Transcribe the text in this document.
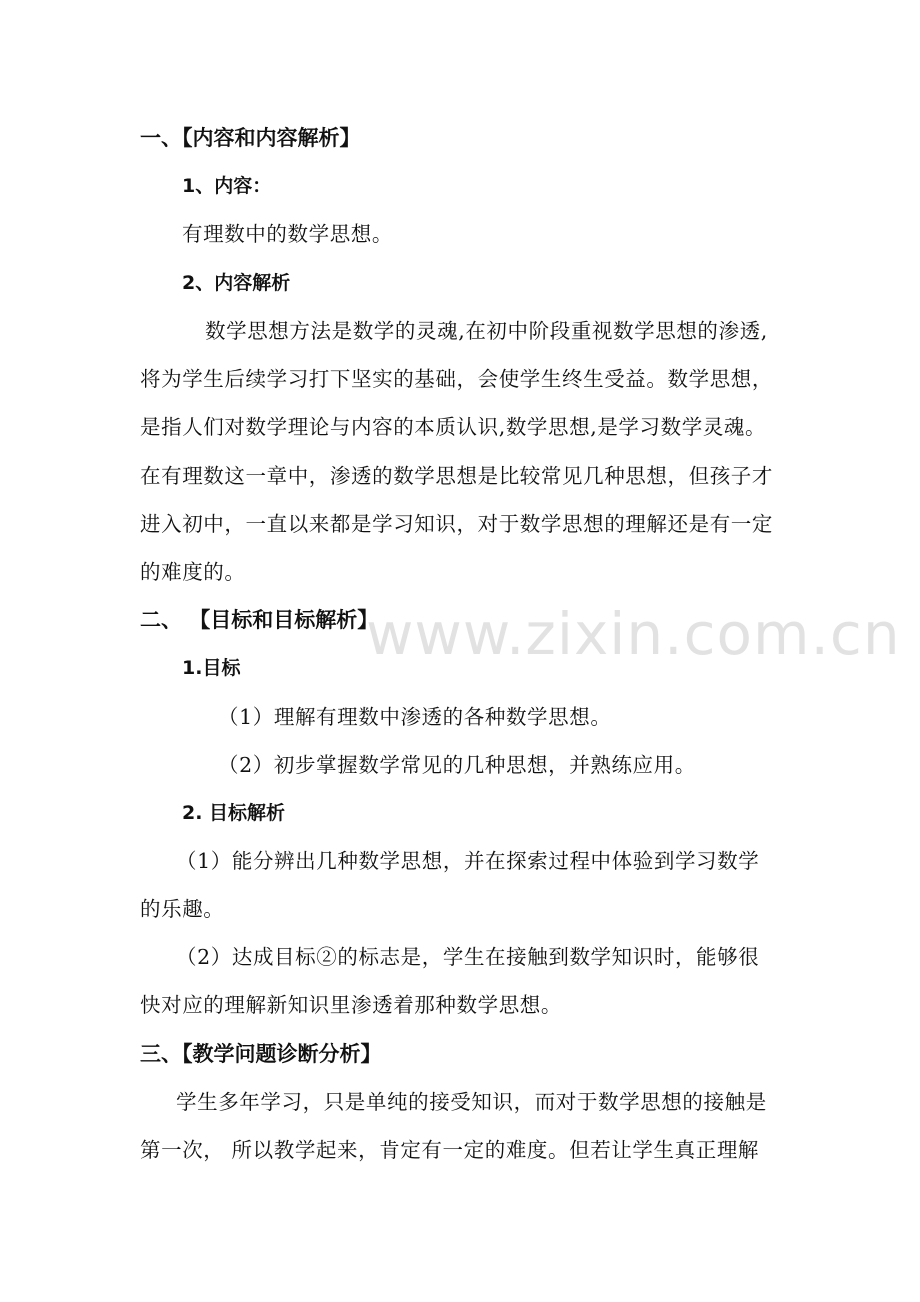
www.zixin.com.cn
一、【内容和内容解析】
1、内容：
有理数中的数学思想。
2、内容解析
数学思想方法是数学的灵魂,在初中阶段重视数学思想的渗透,
将为学生后续学习打下坚实的基础，会使学生终生受益。数学思想，
是指人们对数学理论与内容的本质认识,数学思想,是学习数学灵魂。
在有理数这一章中，渗透的数学思想是比较常见几种思想，但孩子才
进入初中，一直以来都是学习知识，对于数学思想的理解还是有一定
的难度的。
二、 【目标和目标解析】
1.目标
（1）理解有理数中渗透的各种数学思想。
（2）初步掌握数学常见的几种思想，并熟练应用。
2. 目标解析
（1）能分辨出几种数学思想，并在探索过程中体验到学习数学
的乐趣。
（2）达成目标②的标志是，学生在接触到数学知识时，能够很
快对应的理解新知识里渗透着那种数学思想。
三、【教学问题诊断分析】
学生多年学习，只是单纯的接受知识，而对于数学思想的接触是
第一次， 所以教学起来，肯定有一定的难度。但若让学生真正理解
